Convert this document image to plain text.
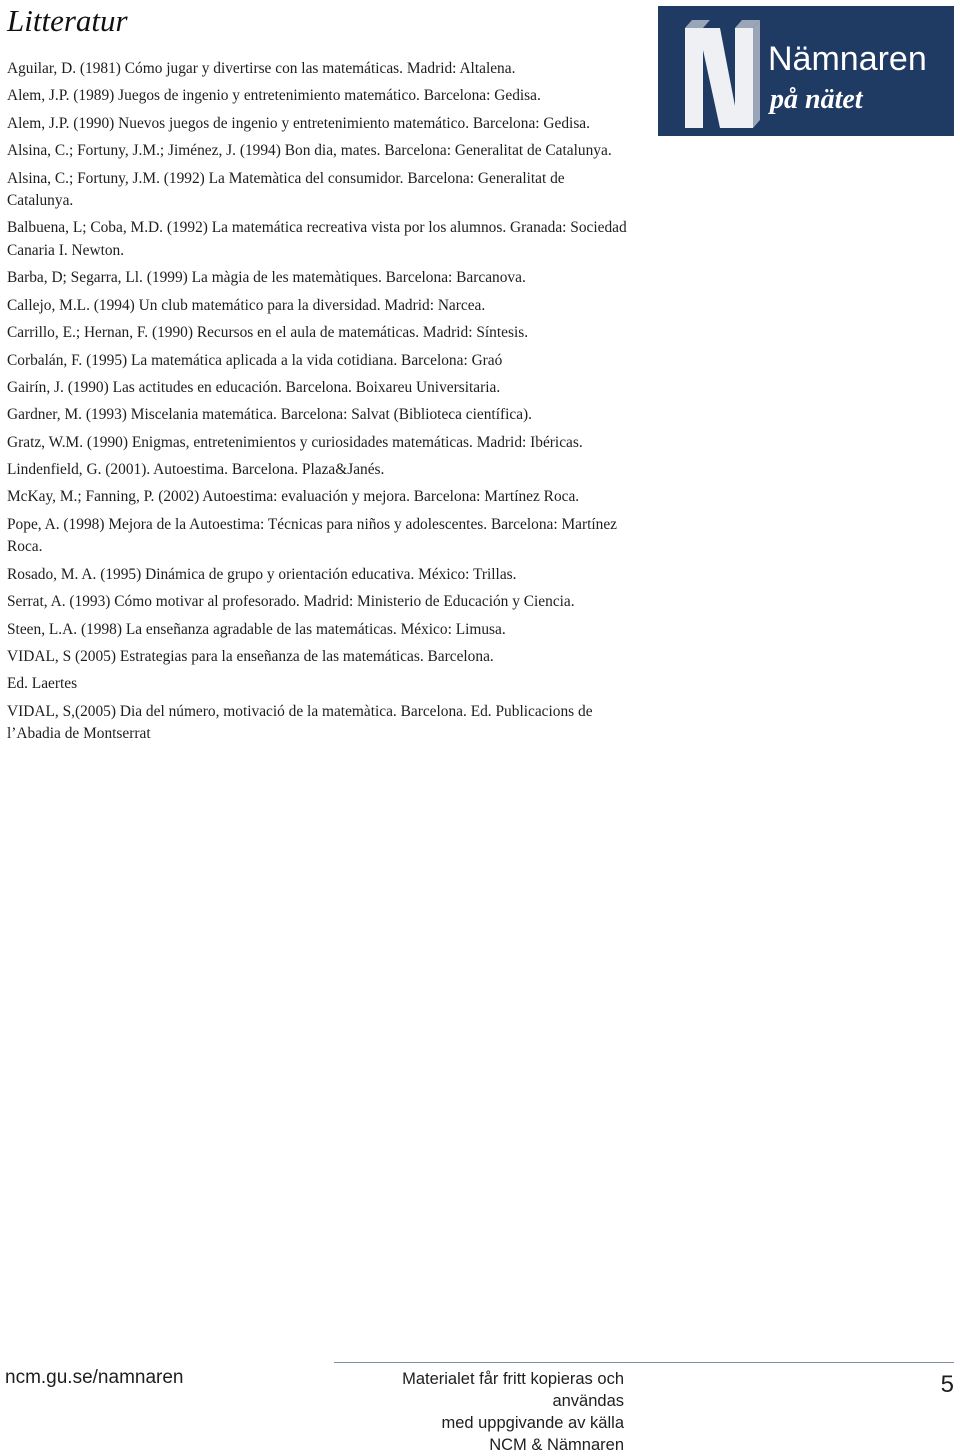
Litteratur
Aguilar, D. (1981) Cómo jugar y divertirse con las matemáticas. Madrid: Altalena.
Alem, J.P. (1989) Juegos de ingenio y entretenimiento matemático. Barcelona: Gedisa.
Alem, J.P. (1990) Nuevos juegos de ingenio y entretenimiento matemático. Barcelona: Gedisa.
Alsina, C.; Fortuny, J.M.; Jiménez, J. (1994) Bon dia, mates. Barcelona: Generalitat de Catalunya.
Alsina, C.; Fortuny, J.M. (1992) La Matemàtica del consumidor. Barcelona: Generalitat de Catalunya.
Balbuena, L; Coba, M.D. (1992) La matemática recreativa vista por los alumnos. Granada: Sociedad Canaria I. Newton.
Barba, D; Segarra, Ll. (1999) La màgia de les matemàtiques. Barcelona: Barcanova.
Callejo, M.L. (1994) Un club matemático para la diversidad. Madrid: Narcea.
Carrillo, E.; Hernan, F. (1990) Recursos en el aula de matemáticas. Madrid: Síntesis.
Corbalán, F. (1995) La matemática aplicada a la vida cotidiana. Barcelona: Graó
Gairín, J. (1990) Las actitudes en educación. Barcelona. Boixareu Universitaria.
Gardner, M. (1993) Miscelania matemática. Barcelona: Salvat (Biblioteca científica).
Gratz, W.M. (1990) Enigmas, entretenimientos y curiosidades matemáticas. Madrid: Ibéricas.
Lindenfield, G. (2001). Autoestima. Barcelona. Plaza&Janés.
McKay, M.; Fanning, P. (2002) Autoestima: evaluación y mejora. Barcelona: Martínez Roca.
Pope, A. (1998) Mejora de la Autoestima: Técnicas para niños y adolescentes. Barcelona: Martínez Roca.
Rosado, M. A. (1995) Dinámica de grupo y orientación educativa. México: Trillas.
Serrat, A. (1993) Cómo motivar al profesorado. Madrid: Ministerio de Educación y Ciencia.
Steen, L.A. (1998) La enseñanza agradable de las matemáticas. México: Limusa.
VIDAL, S (2005) Estrategias para la enseñanza de las matemáticas. Barcelona.
Ed. Laertes
VIDAL, S,(2005) Dia del número, motivació de la matemàtica. Barcelona. Ed. Publicacions de l’Abadia de Montserrat
Nämnaren
på nätet
ncm.gu.se/namnaren	Materialet får fritt kopieras och användas
med uppgivande av källa
NCM & Nämnaren
5
